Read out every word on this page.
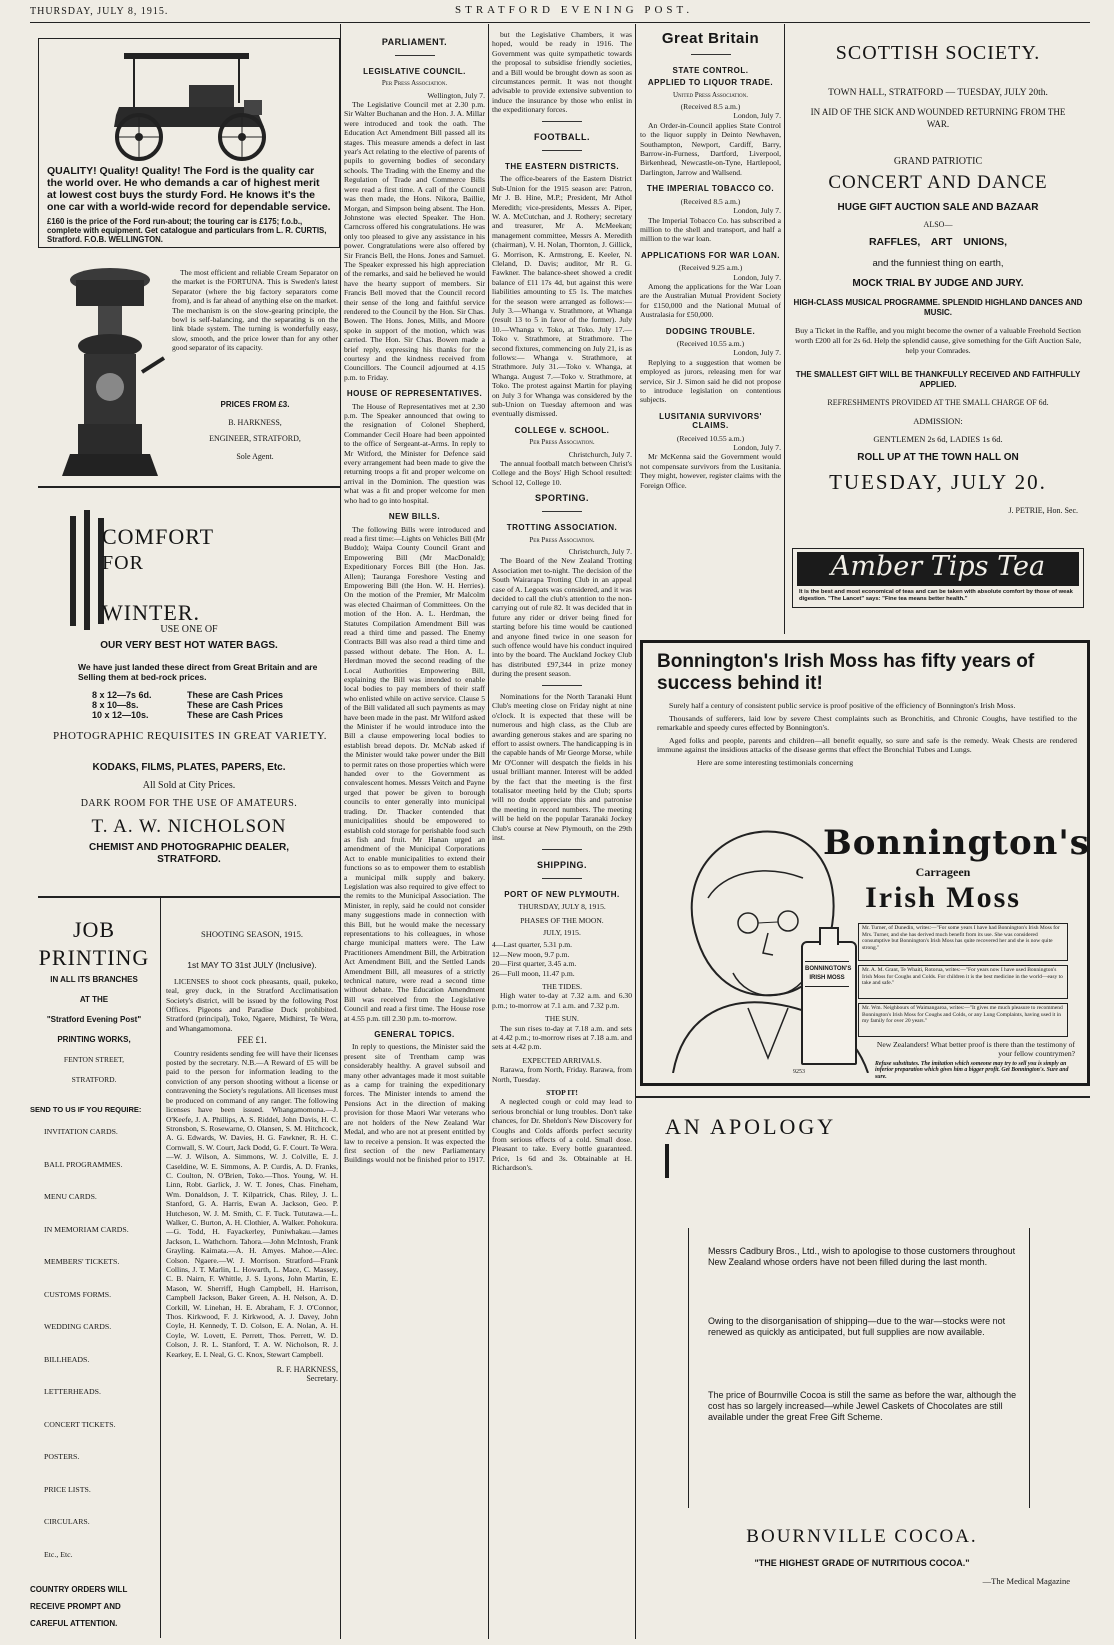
THURSDAY, JULY 8, 1915.	STRATFORD EVENING POST.
QUALITY! Quality! Quality! The Ford is the quality car the world over. He who demands a car of highest merit at lowest cost buys the sturdy Ford. He knows it's the one car with a world-wide record for dependable service.
£160 is the price of the Ford run-about; the touring car is £175; f.o.b., complete with equipment. Get catalogue and particulars from L. R. CURTIS, Stratford. F.O.B. WELLINGTON.

The most efficient and reliable Cream Separator on the market is the FORTUNA. This is Sweden's latest Separator (where the big factory separators come from), and is far ahead of anything else on the market. The mechanism is on the slow-gearing principle, the bowl is self-balancing, and the separating is on the link blade system. The turning is wonderfully easy, slow, smooth, and the price lower than for any other good separator of its capacity.

PRICES FROM £3.
B. HARKNESS,
ENGINEER, STRATFORD,
Sole Agent.
COMFORT
FOR
WINTER.
USE ONE OF
OUR VERY BEST HOT WATER BAGS.
We have just landed these direct from Great Britain and are Selling them at bed-rock prices.
8 x 12—7s 6d.	These are Cash Prices
8 x 10—8s.	These are Cash Prices
10 x 12—10s.	These are Cash Prices
PHOTOGRAPHIC REQUISITES IN GREAT VARIETY.
KODAKS, FILMS, PLATES, PAPERS, Etc.
All Sold at City Prices.
DARK ROOM FOR THE USE OF AMATEURS.
T. A. W. NICHOLSON
CHEMIST AND PHOTOGRAPHIC DEALER,
STRATFORD.
JOB
PRINTING
IN ALL ITS BRANCHES
AT THE
"Stratford Evening Post"
PRINTING WORKS,
FENTON STREET,
STRATFORD.
SEND TO US IF YOU REQUIRE:
INVITATION CARDS.
BALL PROGRAMMES.
MENU CARDS.
IN MEMORIAM CARDS.
MEMBERS' TICKETS.
CUSTOMS FORMS.
WEDDING CARDS.
BILLHEADS.
LETTERHEADS.
CONCERT TICKETS.
POSTERS.
PRICE LISTS.
CIRCULARS.
Etc., Etc.
COUNTRY ORDERS WILL RECEIVE PROMPT AND CAREFUL ATTENTION.
SHOOTING SEASON, 1915.
1st MAY TO 31st JULY (Inclusive).

LICENSES to shoot cock pheasants, quail, pukeko, teal, grey duck, in the Stratford Acclimatisation Society's district, will be issued by the following Post Offices. Pigeons and Paradise Duck prohibited. Stratford (principal), Toko, Ngaere, Midhirst, Te Wera, and Whangamomona.

FEE £1.

Country residents sending fee will have their licenses posted by the secretary. N.B.—A Reward of £5 will be paid to the person for information leading to the conviction of any person shooting without a license or contravening the Society's regulations. All licenses must be produced on command of any ranger. The following licenses have been issued. Whangamomona.—J. O'Keefe, J. A. Phillips, A. S. Riddel, John Davis, H. C. Stronsbon, S. Rosewarne, O. Olansen, S. M. Hitchcock, A. G. Edwards, W. Davies, H. G. Fawkner, R. H. C. Cornwall, S. W. Court, Jack Dodd, G. F. Court. Te Wera.—W. J. Wilson, A. Simmons, W. J. Colville, E. J. Caseldine, W. E. Simmons, A. P. Curdis, A. D. Franks, C. Coulton, N. O'Brien, Toko.—Thos. Young, W. H. Linn, Robt. Garlick, J. W. T. Jones, Chas. Fineham, Wm. Donaldson, J. T. Kilpatrick, Chas. Riley, J. L. Stanford, G. A. Harris, Ewan A. Jackson, Geo. P. Hutcheson, W. J. M. Smith, C. F. Tuck. Tututawa.—L. Walker, C. Burton, A. H. Clothier, A. Walker. Pohokura.—G. Todd, H. Fayackerley, Puniwhakau.—James Jackson, L. Wathchorn. Tahora.—John McIntosh, Frank Grayling. Kaimata.—A. H. Amyes. Mahoe.—Alec. Colson. Ngaere.—W. J. Morrison. Stratford—Frank Collins, J. T. Marlin, L. Howarth, L. Mace, C. Massey, C. B. Nairn, F. Whittle, J. S. Lyons, John Martin, E. Mason, W. Sherriff, Hugh Campbell, H. Harrison, Campbell Jackson, Baker Green, A. H. Nelson, A. D. Corkill, W. Linehan, H. E. Abraham, F. J. O'Connor, Thos. Kirkwood, F. J. Kirkwood, A. J. Davey, John Coyle, H. Kennedy, T. D. Colson, E. A. Nolan, A. H. Coyle, W. Lovett, E. Perrett, Thos. Perrett, W. D. Colson, J. R. L. Stanford, T. A. W. Nicholson, R. J. Kearkey, E. I. Neal, G. C. Knox, Stewart Campbell.

R. F. HARKNESS,
Secretary.
PARLIAMENT.
LEGISLATIVE COUNCIL.
Per Press Association.
Wellington, July 7.

The Legislative Council met at 2.30 p.m. Sir Walter Buchanan and the Hon. J. A. Millar were introduced and took the oath. The Education Act Amendment Bill passed all its stages. This measure amends a defect in last year's Act relating to the elective of parents of pupils to governing bodies of secondary schools. The Trading with the Enemy and the Regulation of Trade and Commerce Bills were read a first time. A call of the Council was then made, the Hons. Nikora, Baillie, Morgan, and Simpson being absent. The Hon. Johnstone was elected Speaker. The Hon. Carncross offered his congratulations. He was only too pleased to give any assistance in his power. Congratulations were also offered by Sir Francis Bell, the Hons. Jones and Samuel. The Speaker expressed his high appreciation of the remarks, and said he believed he would have the hearty support of members. Sir Francis Bell moved that the Council record their sense of the long and faithful service rendered to the Council by the Hon. Sir Chas. Bowen. The Hons. Jones, Mills, and Moore spoke in support of the motion, which was carried. The Hon. Sir Chas. Bowen made a brief reply, expressing his thanks for the courtesy and the kindness received from Councillors. The Council adjourned at 4.15 p.m. to Friday.

HOUSE OF REPRESENTATIVES.

The House of Representatives met at 2.30 p.m. The Speaker announced that owing to the resignation of Colonel Shepherd, Commander Cecil Hoare had been appointed to the office of Sergeant-at-Arms. In reply to Mr Witford, the Minister for Defence said every arrangement had been made to give the returning troops a fit and proper welcome on arrival in the Dominion. The question was what was a fit and proper welcome for men who had to go into hospital.

NEW BILLS.

The following Bills were introduced and read a first time:—Lights on Vehicles Bill (Mr Buddo); Waipa County Council Grant and Empowering Bill (Mr MacDonald); Expeditionary Forces Bill (the Hon. Jas. Allen); Tauranga Foreshore Vesting and Empowering Bill (the Hon. W. H. Herries). On the motion of the Premier, Mr Malcolm was elected Chairman of Committees. On the motion of the Hon. A. L. Herdman, the Statutes Compilation Amendment Bill was read a third time and passed. The Enemy Contracts Bill was also read a third time and passed without debate. The Hon. A. L. Herdman moved the second reading of the Local Authorities Empowering Bill, explaining the Bill was intended to enable local bodies to pay members of their staff who enlisted while on active service. Clause 5 of the Bill validated all such payments as may have been made in the past. Mr Wilford asked the Minister if he would introduce into the Bill a clause empowering local bodies to establish bread depots. Dr. McNab asked if the Minister would take power under the Bill to permit rates on those properties which were handed over to the Government as convalescent homes. Messrs Veitch and Payne urged that power be given to borough councils to enter generally into municipal trading. Dr. Thacker contended that municipalities should be empowered to establish cold storage for perishable food such as fish and fruit. Mr Hanan urged an amendment of the Municipal Corporations Act to enable municipalities to extend their functions so as to empower them to establish a municipal milk supply and bakery. Legislation was also required to give effect to the remits to the Municipal Association. The Minister, in reply, said he could not consider many suggestions made in connection with this Bill, but he would make the necessary representations to his colleagues, in whose charge municipal matters were. The Law Practitioners Amendment Bill, the Arbitration Act Amendment Bill, and the Settled Lands Amendment Bill, all measures of a strictly technical nature, were read a second time without debate. The Education Amendment Bill was received from the Legislative Council and read a first time. The House rose at 4.55 p.m. till 2.30 p.m. to-morrow.

GENERAL TOPICS.

In reply to questions, the Minister said the present site of Trentham camp was considerably healthy. A gravel subsoil and many other advantages made it most suitable as a camp for training the expeditionary forces. The Minister intends to amend the Pensions Act in the direction of making provision for those Maori War veterans who are not holders of the New Zealand War Medal, and who are not at present entitled by law to receive a pension. It was expected the first section of the new Parliamentary Buildings would not be finished prior to 1917.

but the Legislative Chambers, it was hoped, would be ready in 1916. The Government was quite sympathetic towards the proposal to subsidise friendly societies, and a Bill would be brought down as soon as circumstances permit. It was not thought advisable to provide extensive subvention to induce the insurance by those who enlist in the expeditionary forces.

FOOTBALL.
THE EASTERN DISTRICTS.

The office-bearers of the Eastern District Sub-Union for the 1915 season are: Patron, Mr J. B. Hine, M.P.; President, Mr Athol Meredith; vice-presidents, Messrs A. Piper, W. A. McCutchan, and J. Rothery; secretary and treasurer, Mr A. McMeekan; management committee, Messrs A. Meredith (chairman), V. H. Nolan, Thornton, J. Gillick, G. Morrison, K. Armstrong, E. Keeler, N. Cleland, D. Davis; auditor, Mr R. G. Fawkner. The balance-sheet showed a credit balance of £11 17s 4d, but against this were liabilities amounting to £5 1s. The matches for the season were arranged as follows:— July 3.—Whanga v. Strathmore, at Whanga (result 13 to 5 in favor of the former). July 10.—Whanga v. Toko, at Toko. July 17.—Toko v. Strathmore, at Strathmore. The second fixtures, commencing on July 21, is as follows:— Whanga v. Strathmore, at Strathmore. July 31.—Toko v. Whanga, at Whanga. August 7.—Toko v. Strathmore, at Toko. The protest against Martin for playing on July 3 for Whanga was considered by the sub-Union on Tuesday afternoon and was eventually dismissed.

COLLEGE v. SCHOOL.
Per Press Association.
Christchurch, July 7.

The annual football match between Christ's College and the Boys' High School resulted: School 12, College 10.

SPORTING.
TROTTING ASSOCIATION.
Per Press Association.
Christchurch, July 7.

The Board of the New Zealand Trotting Association met to-night. The decision of the South Wairarapa Trotting Club in an appeal case of A. Legoats was considered, and it was decided to call the club's attention to the non-carrying out of rule 82. It was decided that in future any rider or driver being fined for starting before his time would be cautioned and anyone fined twice in one season for such offence would have his conduct inquired into by the board. The Auckland Jockey Club has distributed £97,344 in prize money during the present season.

Nominations for the North Taranaki Hunt Club's meeting close on Friday night at nine o'clock. It is expected that these will be numerous and high class, as the Club are awarding generous stakes and are sparing no effort to assist owners. The handicapping is in the capable hands of Mr George Morse, while Mr O'Conner will despatch the fields in his usual brilliant manner. Interest will be added by the fact that the meeting is the first totalisator meeting held by the Club; sports will no doubt appreciate this and patronise the meeting in record numbers. The meeting will be held on the popular Taranaki Jockey Club's course at New Plymouth, on the 29th inst.

SHIPPING.
PORT OF NEW PLYMOUTH.
THURSDAY, JULY 8, 1915.
PHASES OF THE MOON.
JULY, 1915.
4—Last quarter, 5.31 p.m.
12—New moon, 9.7 p.m.
20—First quarter, 3.45 a.m.
26—Full moon, 11.47 p.m.
THE TIDES.

High water to-day at 7.32 a.m. and 6.30 p.m.; to-morrow at 7.1 a.m. and 7.32 p.m.

THE SUN.

The sun rises to-day at 7.18 a.m. and sets at 4.42 p.m.; to-morrow rises at 7.18 a.m. and sets at 4.42 p.m.

EXPECTED ARRIVALS.

Rarawa, from North, Friday. Rarawa, from North, Tuesday.

STOP IT!

A neglected cough or cold may lead to serious bronchial or lung troubles. Don't take chances, for Dr. Sheldon's New Discovery for Coughs and Colds affords perfect security from serious effects of a cold. Small dose. Pleasant to take. Every bottle guaranteed. Price, 1s 6d and 3s. Obtainable at H. Richardson's.

Great Britain
STATE CONTROL.
APPLIED TO LIQUOR TRADE.
United Press Association.
(Received 8.5 a.m.)
London, July 7.

An Order-in-Council applies State Control to the liquor supply in Deinto Newhaven, Southampton, Newport, Cardiff, Barry, Barrow-in-Furness, Dartford, Liverpool, Birkenhead, Newcastle-on-Tyne, Hartlepool, Darlington, Jarrow and Wallsend.

THE IMPERIAL TOBACCO CO.
(Received 8.5 a.m.)
London, July 7.

The Imperial Tobacco Co. has subscribed a million to the shell and transport, and half a million to the war loan.

APPLICATIONS FOR WAR LOAN.
(Received 9.25 a.m.)
London, July 7.

Among the applications for the War Loan are the Australian Mutual Provident Society for £150,000 and the National Mutual of Australasia for £50,000.

DODGING TROUBLE.
(Received 10.55 a.m.)
London, July 7.

Replying to a suggestion that women be employed as jurors, releasing men for war service, Sir J. Simon said he did not propose to introduce legislation on contentious subjects.

LUSITANIA SURVIVORS' CLAIMS.
(Received 10.55 a.m.)
London, July 7.

Mr McKenna said the Government would not compensate survivors from the Lusitania. They might, however, register claims with the Foreign Office.

SCOTTISH SOCIETY.
TOWN HALL, STRATFORD — TUESDAY, JULY 20th.
IN AID OF THE SICK AND WOUNDED RETURNING FROM THE WAR.
GRAND PATRIOTIC
CONCERT AND DANCE
HUGE GIFT AUCTION SALE AND BAZAAR
ALSO—
RAFFLES, ART UNIONS,
and the funniest thing on earth,
MOCK TRIAL BY JUDGE AND JURY.
HIGH-CLASS MUSICAL PROGRAMME. SPLENDID HIGHLAND DANCES AND MUSIC.
Buy a Ticket in the Raffle, and you might become the owner of a valuable Freehold Section worth £200 all for 2s 6d. Help the splendid cause, give something for the Gift Auction Sale, help your Comrades.
THE SMALLEST GIFT WILL BE THANKFULLY RECEIVED AND FAITHFULLY APPLIED.
REFRESHMENTS PROVIDED AT THE SMALL CHARGE OF 6d.
ADMISSION:
GENTLEMEN 2s 6d, LADIES 1s 6d.
ROLL UP AT THE TOWN HALL ON
TUESDAY, JULY 20.
J. PETRIE, Hon. Sec.
Amber Tips Tea
It is the best and most economical of teas and can be taken with absolute comfort by those of weak digestion. "The Lancet" says: "Fine tea means better health."
Bonnington's Irish Moss has fifty years of success behind it!

Surely half a century of consistent public service is proof positive of the efficiency of Bonnington's Irish Moss.

Thousands of sufferers, laid low by severe Chest complaints such as Bronchitis, and Chronic Coughs, have testified to the remarkable and speedy cures effected by Bonnington's.

Aged folks and people, parents and children—all benefit equally, so sure and safe is the remedy. Weak Chests are rendered immune against the insidious attacks of the disease germs that effect the Bronchial Tubes and Lungs.

Here are some interesting testimonials concerning

Bonnington's
Carrageen
Irish Moss
Mr. Turner, of Dunedin, writes:—"For some years I have had Bonnington's Irish Moss for Mrs. Turner, and she has derived much benefit from its use. She was considered consumptive but Bonnington's Irish Moss has quite recovered her and she is now quite strong."
Mr. A. M. Grant, Te Whaiti, Rotorua, writes:—"For years now I have used Bonnington's Irish Moss for Coughs and Colds. For children it is the best medicine in the world—easy to take and safe."
Mr. Wm. Neighbours of Waimangaroa, writes:—"It gives me much pleasure to recommend Bonnington's Irish Moss for Coughs and Colds, or any Lung Complaints, having used it in my family for over 20 years."
BONNINGTON'S IRISH MOSS
New Zealanders! What better proof is there than the testimony of your fellow countrymen?
Refuse substitutes. The imitation which someone may try to sell you is simply an inferior preparation which gives him a bigger profit. Get Bonnington's. Sure and sure.
9253
AN APOLOGY
Messrs Cadbury Bros., Ltd., wish to apologise to those customers throughout New Zealand whose orders have not been filled during the last month.
Owing to the disorganisation of shipping—due to the war—stocks were not renewed as quickly as anticipated, but full supplies are now available.
The price of Bournville Cocoa is still the same as before the war, although the cost has so largely increased—while Jewel Caskets of Chocolates are still available under the great Free Gift Scheme.
BOURNVILLE COCOA.
"THE HIGHEST GRADE OF NUTRITIOUS COCOA."
—The Medical Magazine
